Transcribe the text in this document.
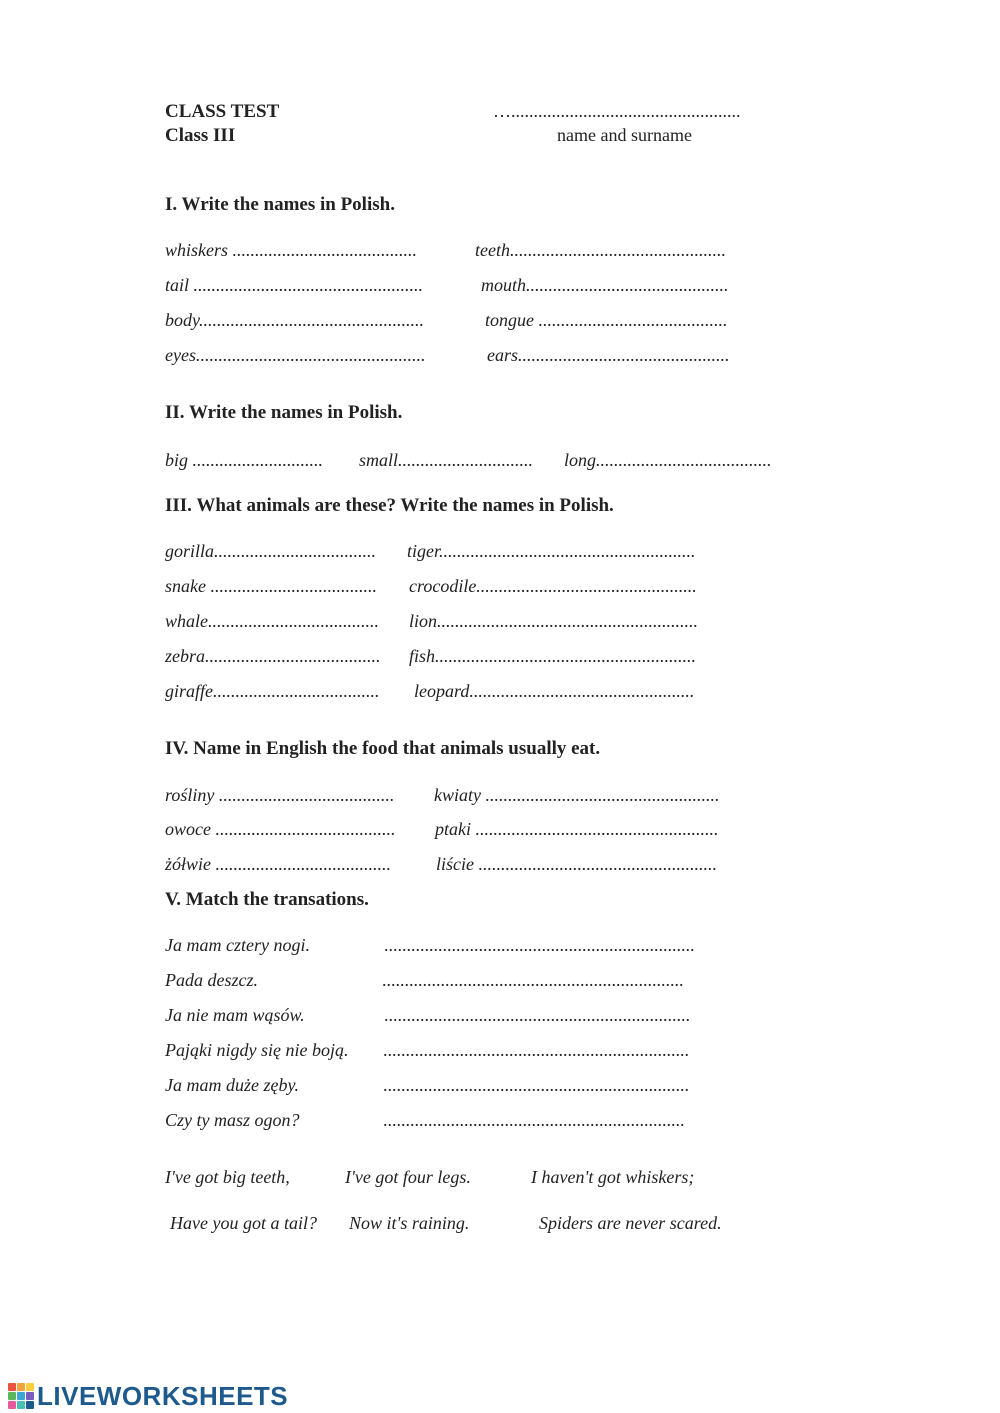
CLASS TEST
Class III
…...................................................
name and surname
I. Write the names in Polish.
whiskers .........................................	teeth................................................
tail ...................................................	mouth.............................................
body..................................................	tongue ..........................................
eyes...................................................	ears...............................................
II. Write the names in Polish.
big ............................. small.............................. long.......................................
III. What animals are these? Write the names in Polish.
gorilla.................................... tiger.........................................................
snake ..................................... crocodile.................................................
whale...................................... lion..........................................................
zebra....................................... fish..........................................................
giraffe..................................... leopard..................................................
IV. Name in English the food that animals usually eat.
rośliny ....................................... kwiaty ....................................................
owoce ........................................ ptaki ......................................................
żółwie ....................................... liście .....................................................
V. Match the transations.
Ja mam cztery nogi.	.....................................................................
Pada deszcz.	...................................................................
Ja nie mam wąsów.	....................................................................
Pająki nigdy się nie boją. ....................................................................
Ja mam duże zęby.	....................................................................
Czy ty masz ogon?	...................................................................
I've got big teeth,	I've got four legs.	I haven't got whiskers;
Have you got a tail? Now it's raining.	Spiders are never scared.
LIVEWORKSHEETS
